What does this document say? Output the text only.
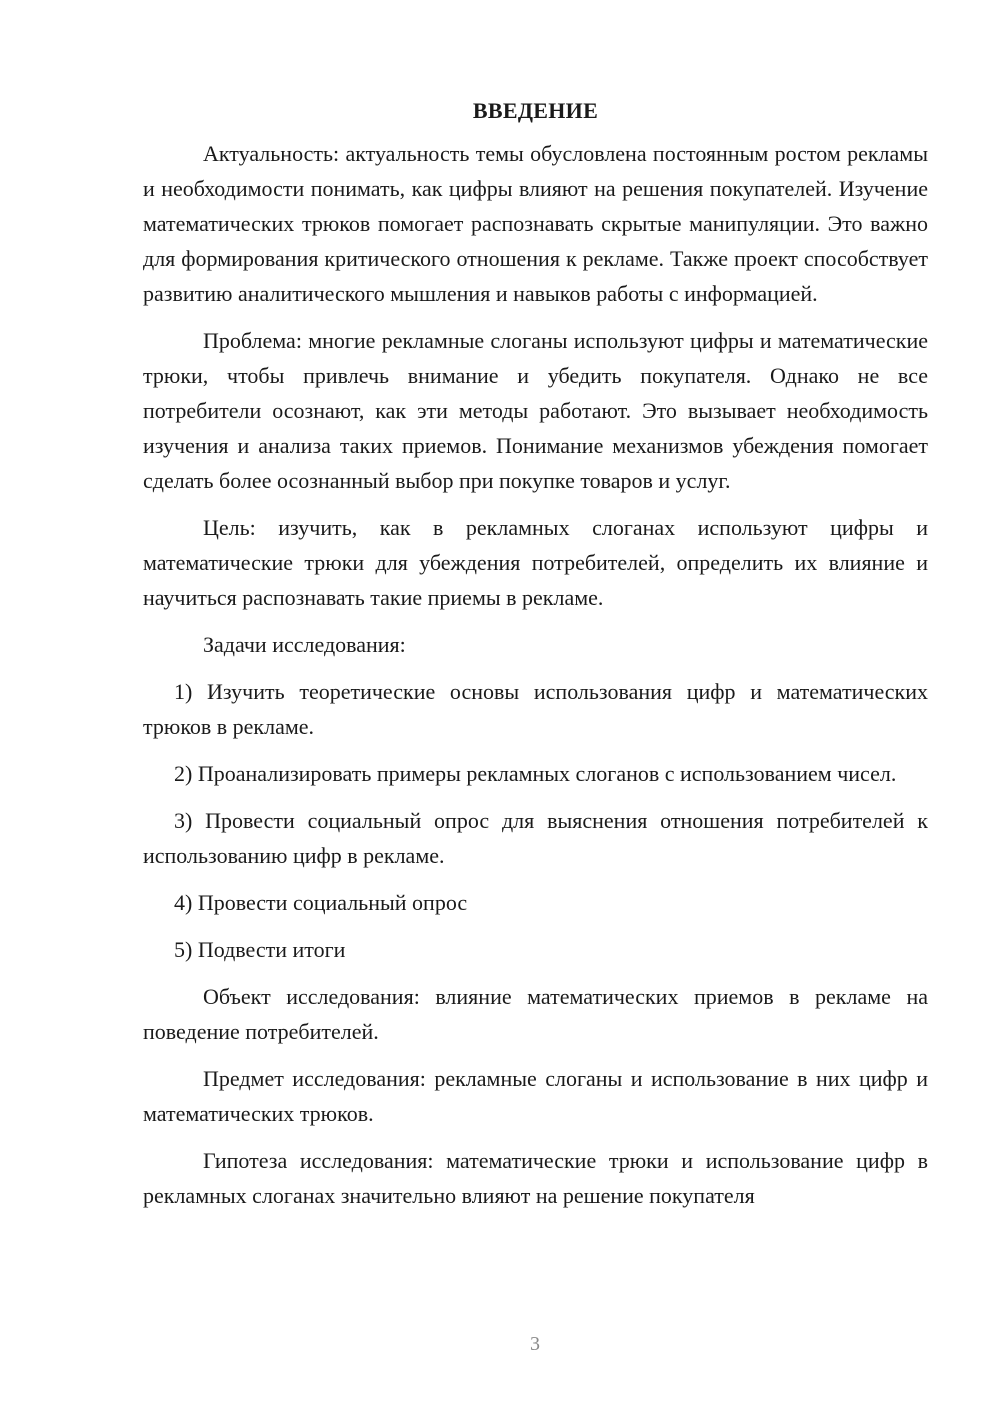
ВВЕДЕНИЕ

Актуальность: актуальность темы обусловлена постоянным ростом рекламы и необходимости понимать, как цифры влияют на решения покупателей. Изучение математических трюков помогает распознавать скрытые манипуляции. Это важно для формирования критического отношения к рекламе. Также проект способствует развитию аналитического мышления и навыков работы с информацией.

Проблема: многие рекламные слоганы используют цифры и математические трюки, чтобы привлечь внимание и убедить покупателя. Однако не все потребители осознают, как эти методы работают. Это вызывает необходимость изучения и анализа таких приемов. Понимание механизмов убеждения помогает сделать более осознанный выбор при покупке товаров и услуг.

Цель: изучить, как в рекламных слоганах используют цифры и математические трюки для убеждения потребителей, определить их влияние и научиться распознавать такие приемы в рекламе.

Задачи исследования:

1) Изучить теоретические основы использования цифр и математических трюков в рекламе.

2) Проанализировать примеры рекламных слоганов с использованием чисел.

3) Провести социальный опрос для выяснения отношения потребителей к использованию цифр в рекламе.

4) Провести социальный опрос

5) Подвести итоги

Объект исследования: влияние математических приемов в рекламе на поведение потребителей.

Предмет исследования: рекламные слоганы и использование в них цифр и математических трюков.

Гипотеза исследования: математические трюки и использование цифр в рекламных слоганах значительно влияют на решение покупателя

3
